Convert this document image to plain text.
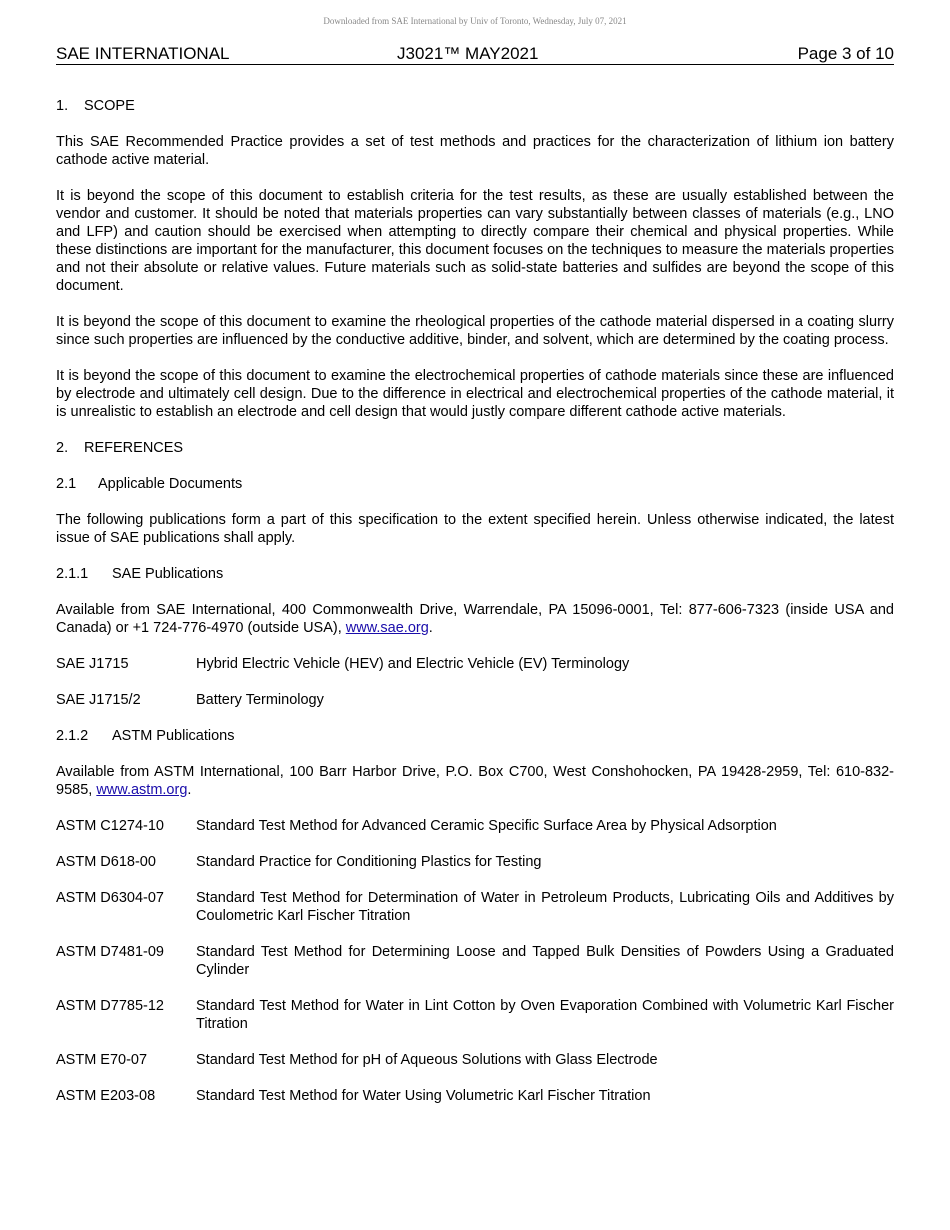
Downloaded from SAE International by Univ of Toronto, Wednesday, July 07, 2021
SAE INTERNATIONAL	J3021™ MAY2021	Page 3 of 10

1. SCOPE

This SAE Recommended Practice provides a set of test methods and practices for the characterization of lithium ion battery cathode active material.

It is beyond the scope of this document to establish criteria for the test results, as these are usually established between the vendor and customer. It should be noted that materials properties can vary substantially between classes of materials (e.g., LNO and LFP) and caution should be exercised when attempting to directly compare their chemical and physical properties. While these distinctions are important for the manufacturer, this document focuses on the techniques to measure the materials properties and not their absolute or relative values. Future materials such as solid-state batteries and sulfides are beyond the scope of this document.

It is beyond the scope of this document to examine the rheological properties of the cathode material dispersed in a coating slurry since such properties are influenced by the conductive additive, binder, and solvent, which are determined by the coating process.

It is beyond the scope of this document to examine the electrochemical properties of cathode materials since these are influenced by electrode and ultimately cell design. Due to the difference in electrical and electrochemical properties of the cathode material, it is unrealistic to establish an electrode and cell design that would justly compare different cathode active materials.

2. REFERENCES

2.1 Applicable Documents

The following publications form a part of this specification to the extent specified herein. Unless otherwise indicated, the latest issue of SAE publications shall apply.

2.1.1 SAE Publications

Available from SAE International, 400 Commonwealth Drive, Warrendale, PA 15096-0001, Tel: 877-606-7323 (inside USA and Canada) or +1 724-776-4970 (outside USA), www.sae.org.

SAE J1715	Hybrid Electric Vehicle (HEV) and Electric Vehicle (EV) Terminology
SAE J1715/2	Battery Terminology

2.1.2 ASTM Publications

Available from ASTM International, 100 Barr Harbor Drive, P.O. Box C700, West Conshohocken, PA 19428-2959, Tel: 610-832-9585, www.astm.org.

ASTM C1274-10	Standard Test Method for Advanced Ceramic Specific Surface Area by Physical Adsorption
ASTM D618-00	Standard Practice for Conditioning Plastics for Testing
ASTM D6304-07	Standard Test Method for Determination of Water in Petroleum Products, Lubricating Oils and Additives by Coulometric Karl Fischer Titration
ASTM D7481-09	Standard Test Method for Determining Loose and Tapped Bulk Densities of Powders Using a Graduated Cylinder
ASTM D7785-12	Standard Test Method for Water in Lint Cotton by Oven Evaporation Combined with Volumetric Karl Fischer Titration
ASTM E70-07	Standard Test Method for pH of Aqueous Solutions with Glass Electrode
ASTM E203-08	Standard Test Method for Water Using Volumetric Karl Fischer Titration
